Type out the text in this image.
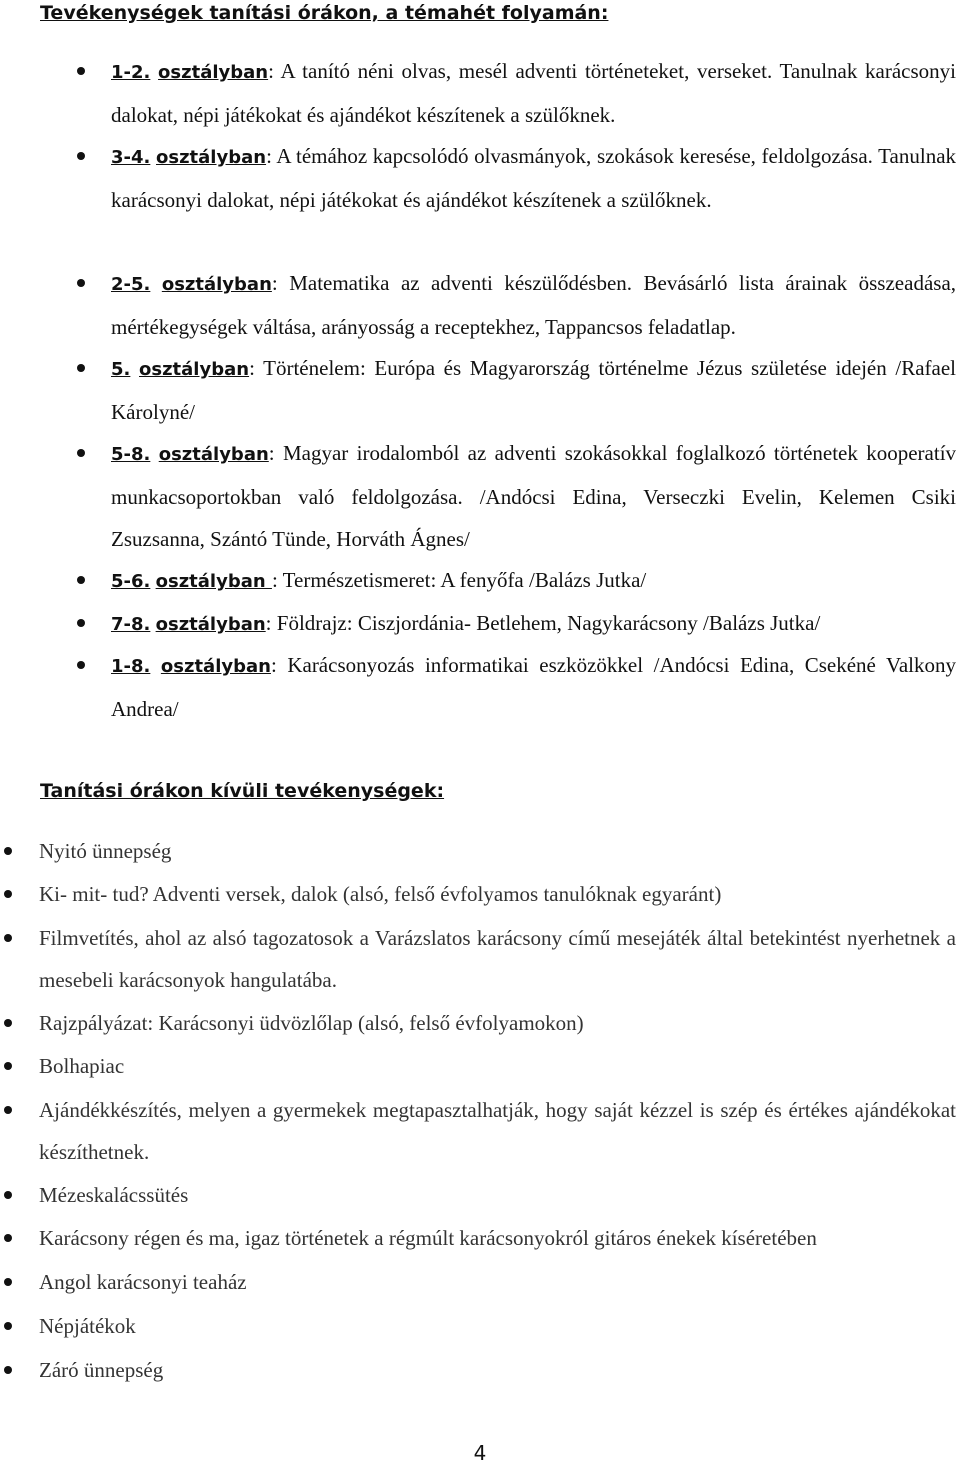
Tevékenységek tanítási órákon, a témahét folyamán:
1-2. osztályban: A tanító néni olvas, mesél adventi történeteket, verseket. Tanulnak karácsonyi dalokat, népi játékokat és ajándékot készítenek a szülőknek.
3-4. osztályban: A témához kapcsolódó olvasmányok, szokások keresése, feldolgozása. Tanulnak karácsonyi dalokat, népi játékokat és ajándékot készítenek a szülőknek.
2-5. osztályban: Matematika az adventi készülődésben. Bevásárló lista árainak összeadása, mértékegységek váltása, arányosság a receptekhez, Tappancsos feladatlap.
5. osztályban: Történelem: Európa és Magyarország történelme Jézus születése idején /Rafael Károlyné/
5-8. osztályban: Magyar irodalomból az adventi szokásokkal foglalkozó történetek kooperatív munkacsoportokban való feldolgozása. /Andócsi Edina, Verseczki Evelin, Kelemen Csiki Zsuzsanna, Szántó Tünde, Horváth Ágnes/
5-6. osztályban : Természetismeret: A fenyőfa /Balázs Jutka/
7-8. osztályban: Földrajz: Ciszjordánia- Betlehem, Nagykarácsony /Balázs Jutka/
1-8. osztályban: Karácsonyozás informatikai eszközökkel /Andócsi Edina, Csekéné Valkony Andrea/
Tanítási órákon kívüli tevékenységek:
Nyitó ünnepség
Ki- mit- tud? Adventi versek, dalok (alsó, felső évfolyamos tanulóknak egyaránt)
Filmvetítés, ahol az alsó tagozatosok a Varázslatos karácsony című mesejáték által betekintést nyerhetnek a mesebeli karácsonyok hangulatába.
Rajzpályázat: Karácsonyi üdvözlőlap (alsó, felső évfolyamokon)
Bolhapiac
Ajándékkészítés, melyen a gyermekek megtapasztalhatják, hogy saját kézzel is szép és értékes ajándékokat készíthetnek.
Mézeskalácssütés
Karácsony régen és ma, igaz történetek a régmúlt karácsonyokról gitáros énekek kíséretében
Angol karácsonyi teaház
Népjátékok
Záró ünnepség
4
